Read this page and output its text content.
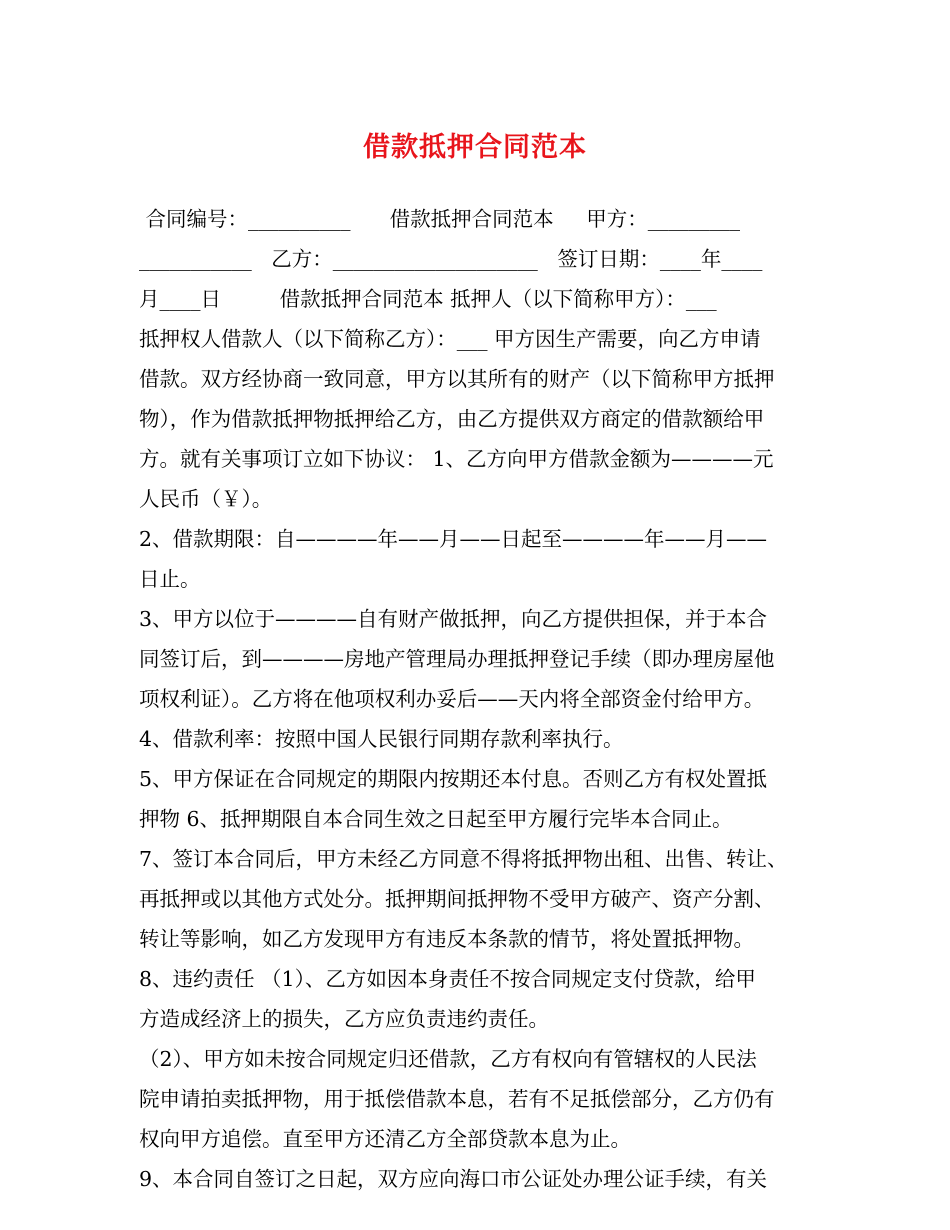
借款抵押合同范本
合同编号：__________      借款抵押合同范本     甲方：_________
___________   乙方：____________________   签订日期：____年____
月____日         借款抵押合同范本 抵押人（以下简称甲方）：___
抵押权人借款人（以下简称乙方）：___ 甲方因生产需要，向乙方申请
借款。双方经协商一致同意，甲方以其所有的财产（以下简称甲方抵押
物），作为借款抵押物抵押给乙方，由乙方提供双方商定的借款额给甲
方。就有关事项订立如下协议： 1、乙方向甲方借款金额为————元
人民币（￥）。
2、借款期限：自————年——月——日起至————年——月——
日止。
3、甲方以位于————自有财产做抵押，向乙方提供担保，并于本合
同签订后，到————房地产管理局办理抵押登记手续（即办理房屋他
项权利证）。乙方将在他项权利办妥后——天内将全部资金付给甲方。
4、借款利率：按照中国人民银行同期存款利率执行。
5、甲方保证在合同规定的期限内按期还本付息。否则乙方有权处置抵
押物 6、抵押期限自本合同生效之日起至甲方履行完毕本合同止。
7、签订本合同后，甲方未经乙方同意不得将抵押物出租、出售、转让、
再抵押或以其他方式处分。抵押期间抵押物不受甲方破产、资产分割、
转让等影响，如乙方发现甲方有违反本条款的情节，将处置抵押物。
8、违约责任 （1）、乙方如因本身责任不按合同规定支付贷款，给甲
方造成经济上的损失，乙方应负责违约责任。
（2）、甲方如未按合同规定归还借款，乙方有权向有管辖权的人民法
院申请拍卖抵押物，用于抵偿借款本息，若有不足抵偿部分，乙方仍有
权向甲方追偿。直至甲方还清乙方全部贷款本息为止。
9、本合同自签订之日起，双方应向海口市公证处办理公证手续，有关
